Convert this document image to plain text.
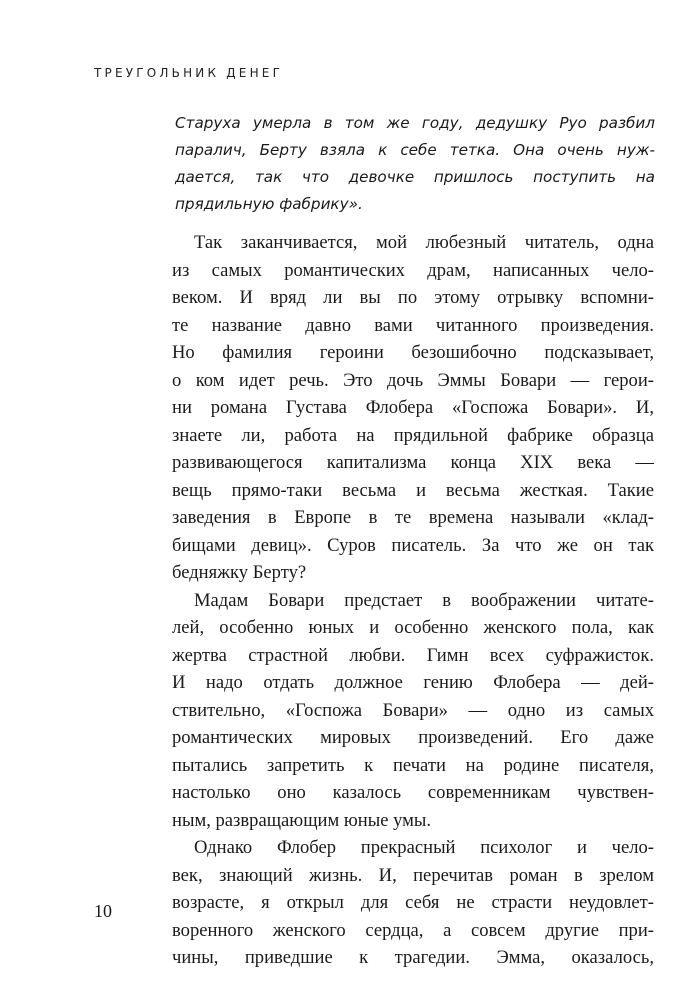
ТРЕУГОЛЬНИК ДЕНЕГ
Старуха умерла в том же году, дедушку Руо разбил
паралич, Берту взяла к себе тетка. Она очень нуж-
дается, так что девочке пришлось поступить на
прядильную фабрику».
Так заканчивается, мой любезный читатель, одна
из самых романтических драм, написанных чело-
веком. И вряд ли вы по этому отрывку вспомни-
те название давно вами читанного произведения.
Но фамилия героини безошибочно подсказывает,
о ком идет речь. Это дочь Эммы Бовари — герои-
ни романа Густава Флобера «Госпожа Бовари». И,
знаете ли, работа на прядильной фабрике образца
развивающегося капитализма конца XIX века —
вещь прямо-таки весьма и весьма жесткая. Такие
заведения в Европе в те времена называли «клад-
бищами девиц». Суров писатель. За что же он так
бедняжку Берту?
Мадам Бовари предстает в воображении читате-
лей, особенно юных и особенно женского пола, как
жертва страстной любви. Гимн всех суфражисток.
И надо отдать должное гению Флобера — дей-
ствительно, «Госпожа Бовари» — одно из самых
романтических мировых произведений. Его даже
пытались запретить к печати на родине писателя,
настолько оно казалось современникам чувствен-
ным, развращающим юные умы.
Однако Флобер прекрасный психолог и чело-
век, знающий жизнь. И, перечитав роман в зрелом
возрасте, я открыл для себя не страсти неудовлет-
воренного женского сердца, а совсем другие при-
чины, приведшие к трагедии. Эмма, оказалось,
10
